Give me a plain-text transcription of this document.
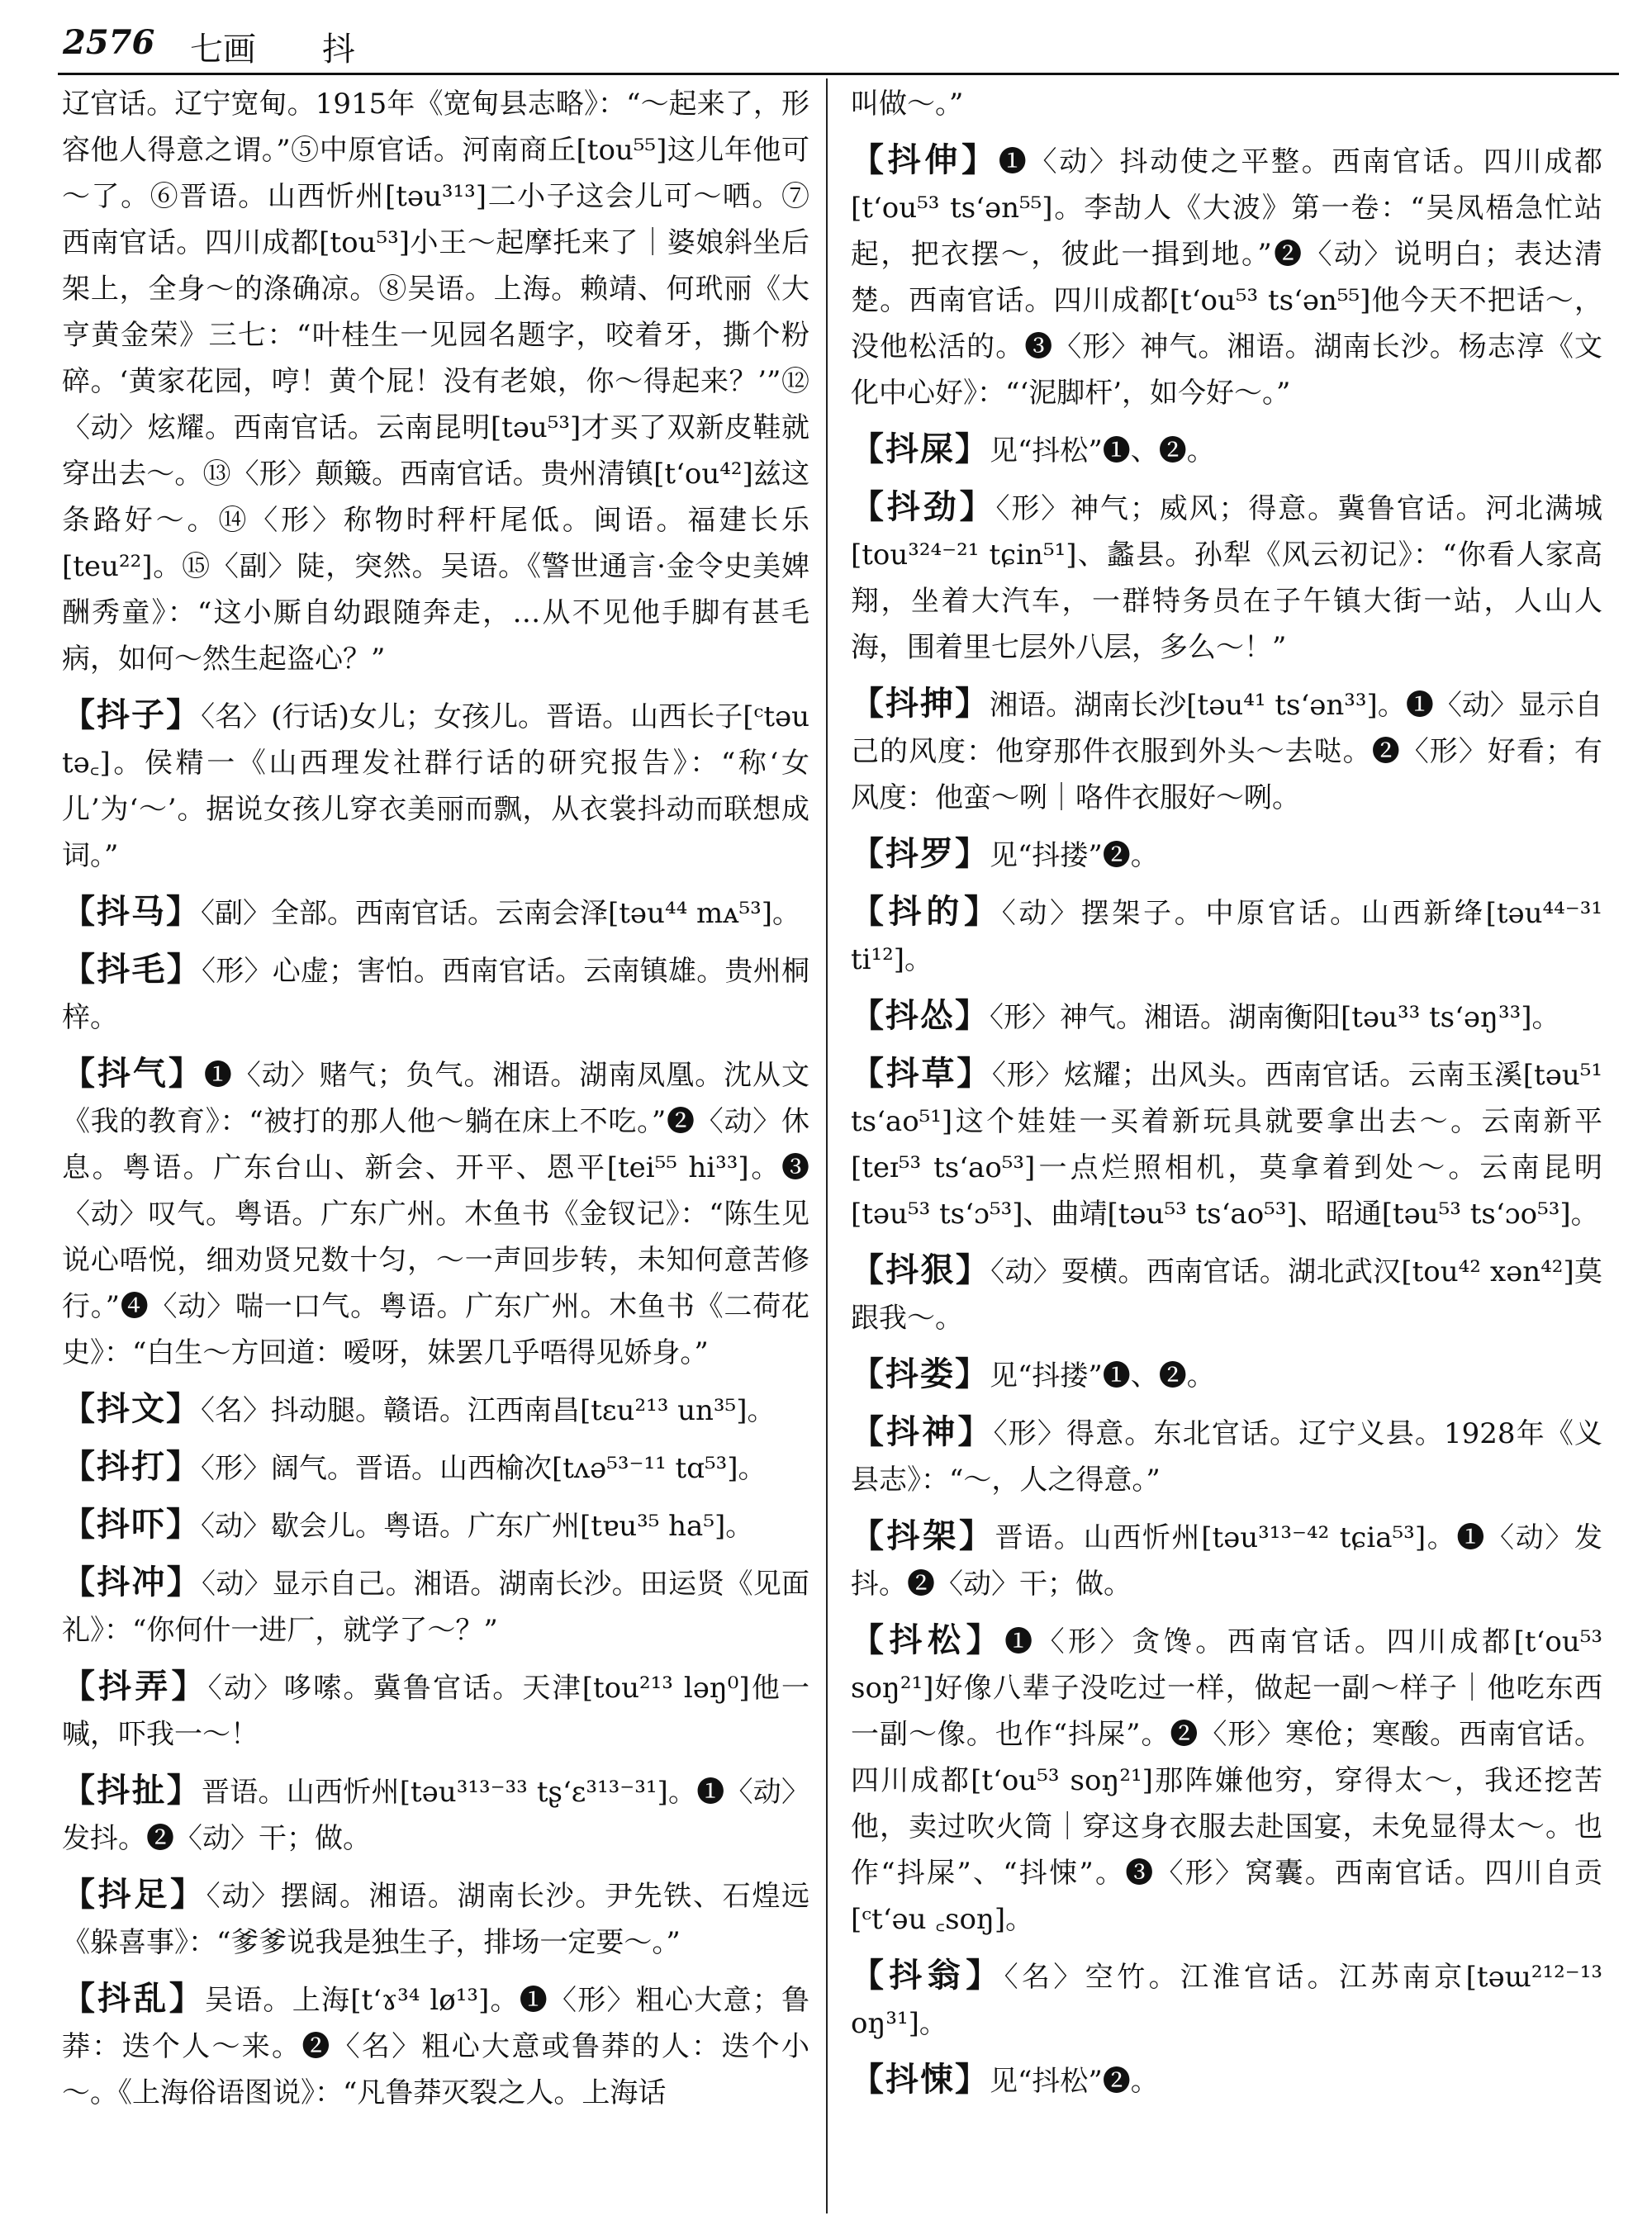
2576 七画 抖

辽官话。辽宁宽甸。1915年《宽甸县志略》：“～起来了，形容他人得意之谓。”⑤中原官话。河南商丘[tou⁵⁵]这儿年他可～了。⑥晋语。山西忻州[təu³¹³]二小子这会儿可～哂。⑦西南官话。四川成都[tou⁵³]小王～起摩托来了｜婆娘斜坐后架上，全身～的涤确凉。⑧吴语。上海。赖靖、何玳丽《大亨黄金荣》三七：“叶桂生一见园名题字，咬着牙，撕个粉碎。‘黄家花园，哼！黄个屁！没有老娘，你～得起来？’”⑫〈动〉炫耀。西南官话。云南昆明[təu⁵³]才买了双新皮鞋就穿出去～。⑬〈形〉颠簸。西南官话。贵州清镇[t‘ou⁴²]兹这条路好～。⑭〈形〉称物时秤杆尾低。闽语。福建长乐[teu²²]。⑮〈副〉陡，突然。吴语。《警世通言·金令史美婢酬秀童》：“这小厮自幼跟随奔走，…从不见他手脚有甚毛病，如何～然生起盗心？”

【抖子】〈名〉(行话)女儿；女孩儿。晋语。山西长子[ᶜtəu tə꜀]。侯精一《山西理发社群行话的研究报告》：“称‘女儿’为‘～’。据说女孩儿穿衣美丽而飘，从衣裳抖动而联想成词。”

【抖马】〈副〉全部。西南官话。云南会泽[təu⁴⁴ mᴀ⁵³]。

【抖毛】〈形〉心虚；害怕。西南官话。云南镇雄。贵州桐梓。

【抖气】❶〈动〉赌气；负气。湘语。湖南凤凰。沈从文《我的教育》：“被打的那人他～躺在床上不吃。”❷〈动〉休息。粤语。广东台山、新会、开平、恩平[tei⁵⁵ hi³³]。❸〈动〉叹气。粤语。广东广州。木鱼书《金钗记》：“陈生见说心唔悦，细劝贤兄数十匀，～一声回步转，未知何意苦修行。”❹〈动〉喘一口气。粤语。广东广州。木鱼书《二荷花史》：“白生～方回道：嗳呀，妹罢几乎唔得见娇身。”

【抖文】〈名〉抖动腿。赣语。江西南昌[tɛu²¹³ un³⁵]。

【抖打】〈形〉阔气。晋语。山西榆次[tʌə⁵³⁻¹¹ tɑ⁵³]。

【抖吓】〈动〉歇会儿。粤语。广东广州[tɐu³⁵ ha⁵]。

【抖冲】〈动〉显示自己。湘语。湖南长沙。田运贤《见面礼》：“你何什一进厂，就学了～？”

【抖弄】〈动〉哆嗦。冀鲁官话。天津[tou²¹³ ləŋ⁰]他一喊，吓我一～！

【抖扯】晋语。山西忻州[təu³¹³⁻³³ tʂ‘ɛ³¹³⁻³¹]。❶〈动〉发抖。❷〈动〉干；做。

【抖足】〈动〉摆阔。湘语。湖南长沙。尹先铁、石煌远《躲喜事》：“爹爹说我是独生子，排场一定要～。”

【抖乱】吴语。上海[t‘ɤ³⁴ lø¹³]。❶〈形〉粗心大意；鲁莽：迭个人～来。❷〈名〉粗心大意或鲁莽的人：迭个小～。《上海俗语图说》：“凡鲁莽灭裂之人。上海话

叫做～。”

【抖伸】❶〈动〉抖动使之平整。西南官话。四川成都[t‘ou⁵³ ts‘ən⁵⁵]。李劼人《大波》第一卷：“吴凤梧急忙站起，把衣摆～，彼此一揖到地。”❷〈动〉说明白；表达清楚。西南官话。四川成都[t‘ou⁵³ ts‘ən⁵⁵]他今天不把话～，没他松活的。❸〈形〉神气。湘语。湖南长沙。杨志淳《文化中心好》：“‘泥脚杆’，如今好～。”

【抖屎】见“抖松”❶、❷。

【抖劲】〈形〉神气；威风；得意。冀鲁官话。河北满城[tou³²⁴⁻²¹ tɕin⁵¹]、蠡县。孙犁《风云初记》：“你看人家高翔，坐着大汽车，一群特务员在子午镇大街一站，人山人海，围着里七层外八层，多么～！”

【抖抻】湘语。湖南长沙[təu⁴¹ ts‘ən³³]。❶〈动〉显示自己的风度：他穿那件衣服到外头～去哒。❷〈形〉好看；有风度：他蛮～咧｜咯件衣服好～咧。

【抖罗】见“抖搂”❷。

【抖的】〈动〉摆架子。中原官话。山西新绛[təu⁴⁴⁻³¹ ti¹²]。

【抖怂】〈形〉神气。湘语。湖南衡阳[təu³³ ts‘əŋ³³]。

【抖草】〈形〉炫耀；出风头。西南官话。云南玉溪[təu⁵¹ ts‘ao⁵¹]这个娃娃一买着新玩具就要拿出去～。云南新平[teɪ⁵³ ts‘ao⁵³]一点烂照相机，莫拿着到处～。云南昆明[təu⁵³ ts‘ɔ⁵³]、曲靖[təu⁵³ ts‘ao⁵³]、昭通[təu⁵³ ts‘ɔo⁵³]。

【抖狠】〈动〉耍横。西南官话。湖北武汉[tou⁴² xən⁴²]莫跟我～。

【抖娄】见“抖搂”❶、❷。

【抖神】〈形〉得意。东北官话。辽宁义县。1928年《义县志》：“～，人之得意。”

【抖架】晋语。山西忻州[təu³¹³⁻⁴² tɕia⁵³]。❶〈动〉发抖。❷〈动〉干；做。

【抖松】❶〈形〉贪馋。西南官话。四川成都[t‘ou⁵³ soŋ²¹]好像八辈子没吃过一样，做起一副～样子｜他吃东西一副～像。也作“抖屎”。❷〈形〉寒伧；寒酸。西南官话。四川成都[t‘ou⁵³ soŋ²¹]那阵嫌他穷，穿得太～，我还挖苦他，卖过吹火筒｜穿这身衣服去赴国宴，未免显得太～。也作“抖屎”、“抖悚”。❸〈形〉窝囊。西南官话。四川自贡[ᶜt‘əu ꜀soŋ]。

【抖翁】〈名〉空竹。江淮官话。江苏南京[təɯ²¹²⁻¹³ oŋ³¹]。

【抖悚】见“抖松”❷。
